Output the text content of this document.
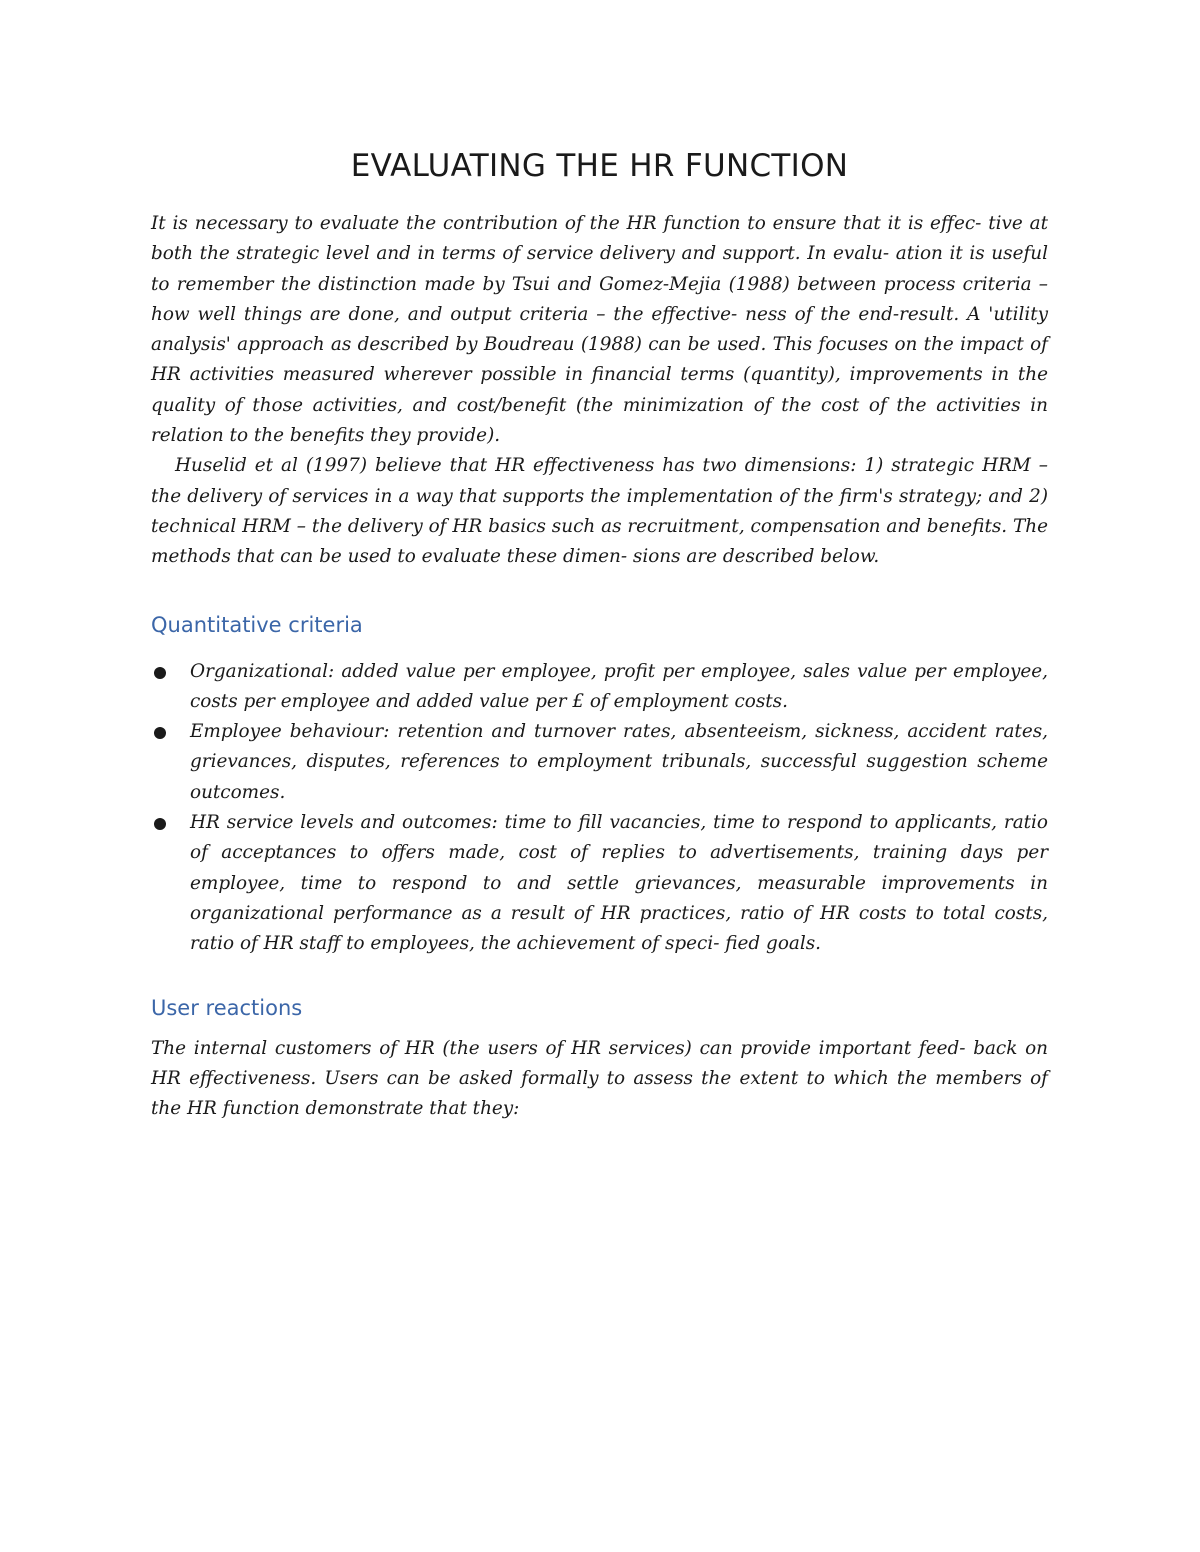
EVALUATING THE HR FUNCTION

It is necessary to evaluate the contribution of the HR function to ensure that it is effec- tive at both the strategic level and in terms of service delivery and support. In evalu- ation it is useful to remember the distinction made by Tsui and Gomez-Mejia (1988) between process criteria – how well things are done, and output criteria – the effective- ness of the end-result. A 'utility analysis' approach as described by Boudreau (1988) can be used. This focuses on the impact of HR activities measured wherever possible in financial terms (quantity), improvements in the quality of those activities, and cost/benefit (the minimization of the cost of the activities in relation to the benefits they provide).

Huselid et al (1997) believe that HR effectiveness has two dimensions: 1) strategic HRM – the delivery of services in a way that supports the implementation of the firm's strategy; and 2) technical HRM – the delivery of HR basics such as recruitment, compensation and benefits. The methods that can be used to evaluate these dimen- sions are described below.

Quantitative criteria
Organizational: added value per employee, profit per employee, sales value per employee, costs per employee and added value per £ of employment costs.
Employee behaviour: retention and turnover rates, absenteeism, sickness, accident rates, grievances, disputes, references to employment tribunals, successful suggestion scheme outcomes.
HR service levels and outcomes: time to fill vacancies, time to respond to applicants, ratio of acceptances to offers made, cost of replies to advertisements, training days per employee, time to respond to and settle grievances, measurable improvements in organizational performance as a result of HR practices, ratio of HR costs to total costs, ratio of HR staff to employees, the achievement of speci- fied goals.
User reactions

The internal customers of HR (the users of HR services) can provide important feed- back on HR effectiveness. Users can be asked formally to assess the extent to which the members of the HR function demonstrate that they:
